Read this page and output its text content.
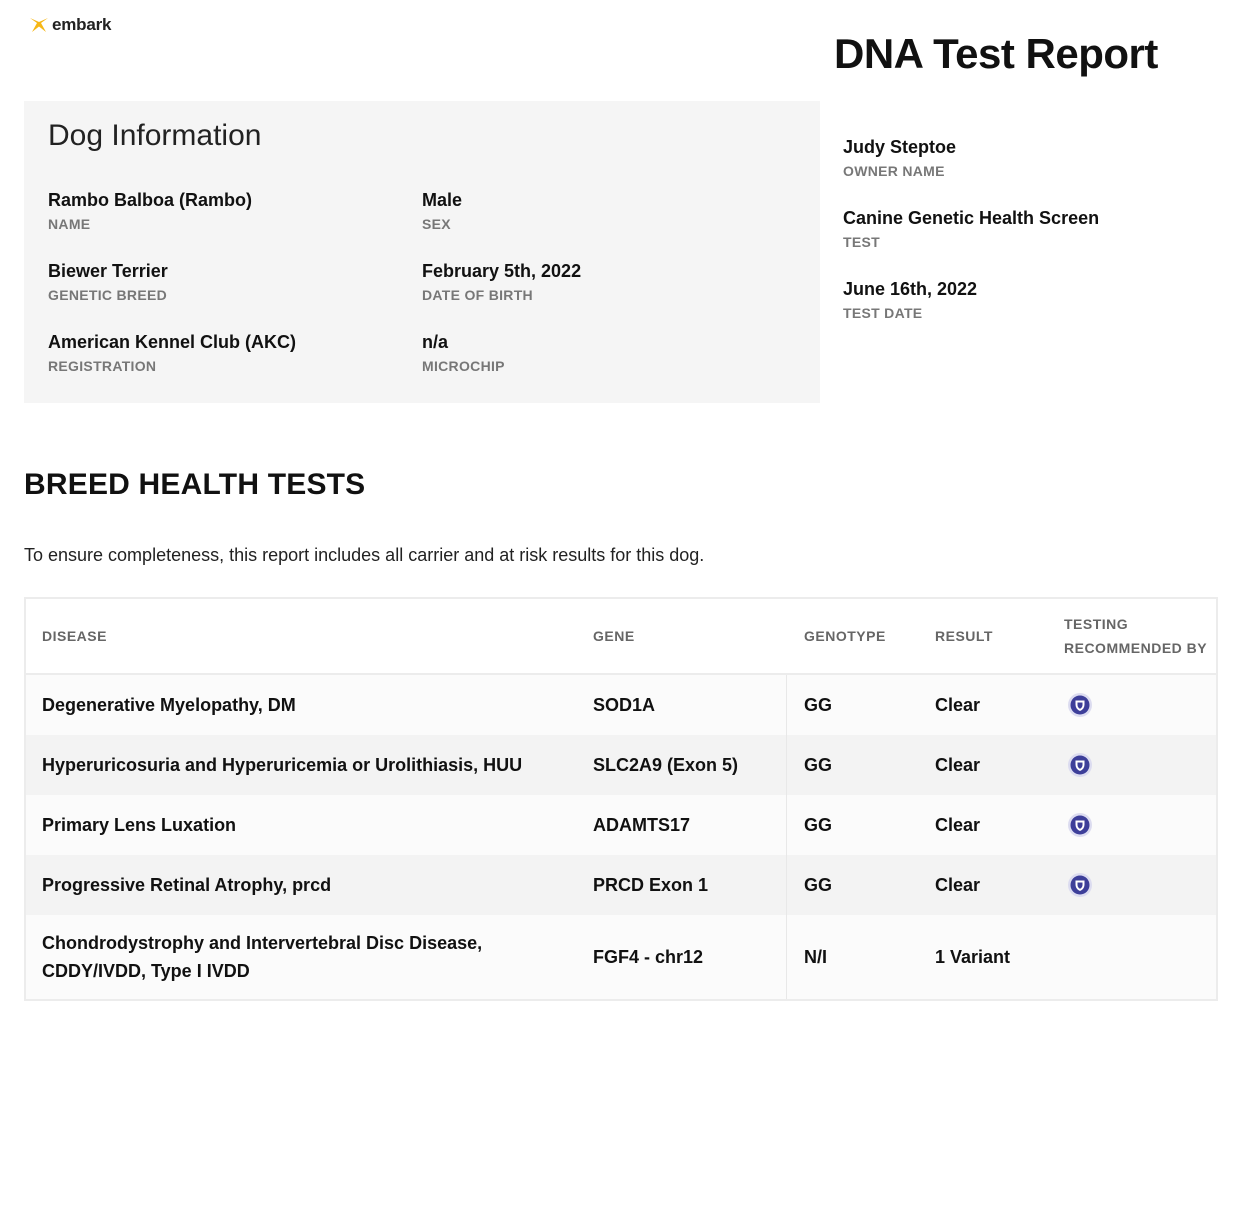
embark
DNA Test Report
Dog Information
Rambo Balboa (Rambo)
NAME
Male
SEX
Biewer Terrier
GENETIC BREED
February 5th, 2022
DATE OF BIRTH
American Kennel Club (AKC)
REGISTRATION
n/a
MICROCHIP
Judy Steptoe
OWNER NAME
Canine Genetic Health Screen
TEST
June 16th, 2022
TEST DATE
BREED HEALTH TESTS
To ensure completeness, this report includes all carrier and at risk results for this dog.
DISEASE	GENE	GENOTYPE	RESULT
TESTING
RECOMMENDED BY
Degenerative Myelopathy, DM	SOD1A	GG	Clear
Hyperuricosuria and Hyperuricemia or Urolithiasis, HUU	SLC2A9 (Exon 5)	GG	Clear
Primary Lens Luxation	ADAMTS17	GG	Clear
Progressive Retinal Atrophy, prcd	PRCD Exon 1	GG	Clear
Chondrodystrophy and Intervertebral Disc Disease,
CDDY/IVDD, Type I IVDD
FGF4 - chr12	N/I	1 Variant
